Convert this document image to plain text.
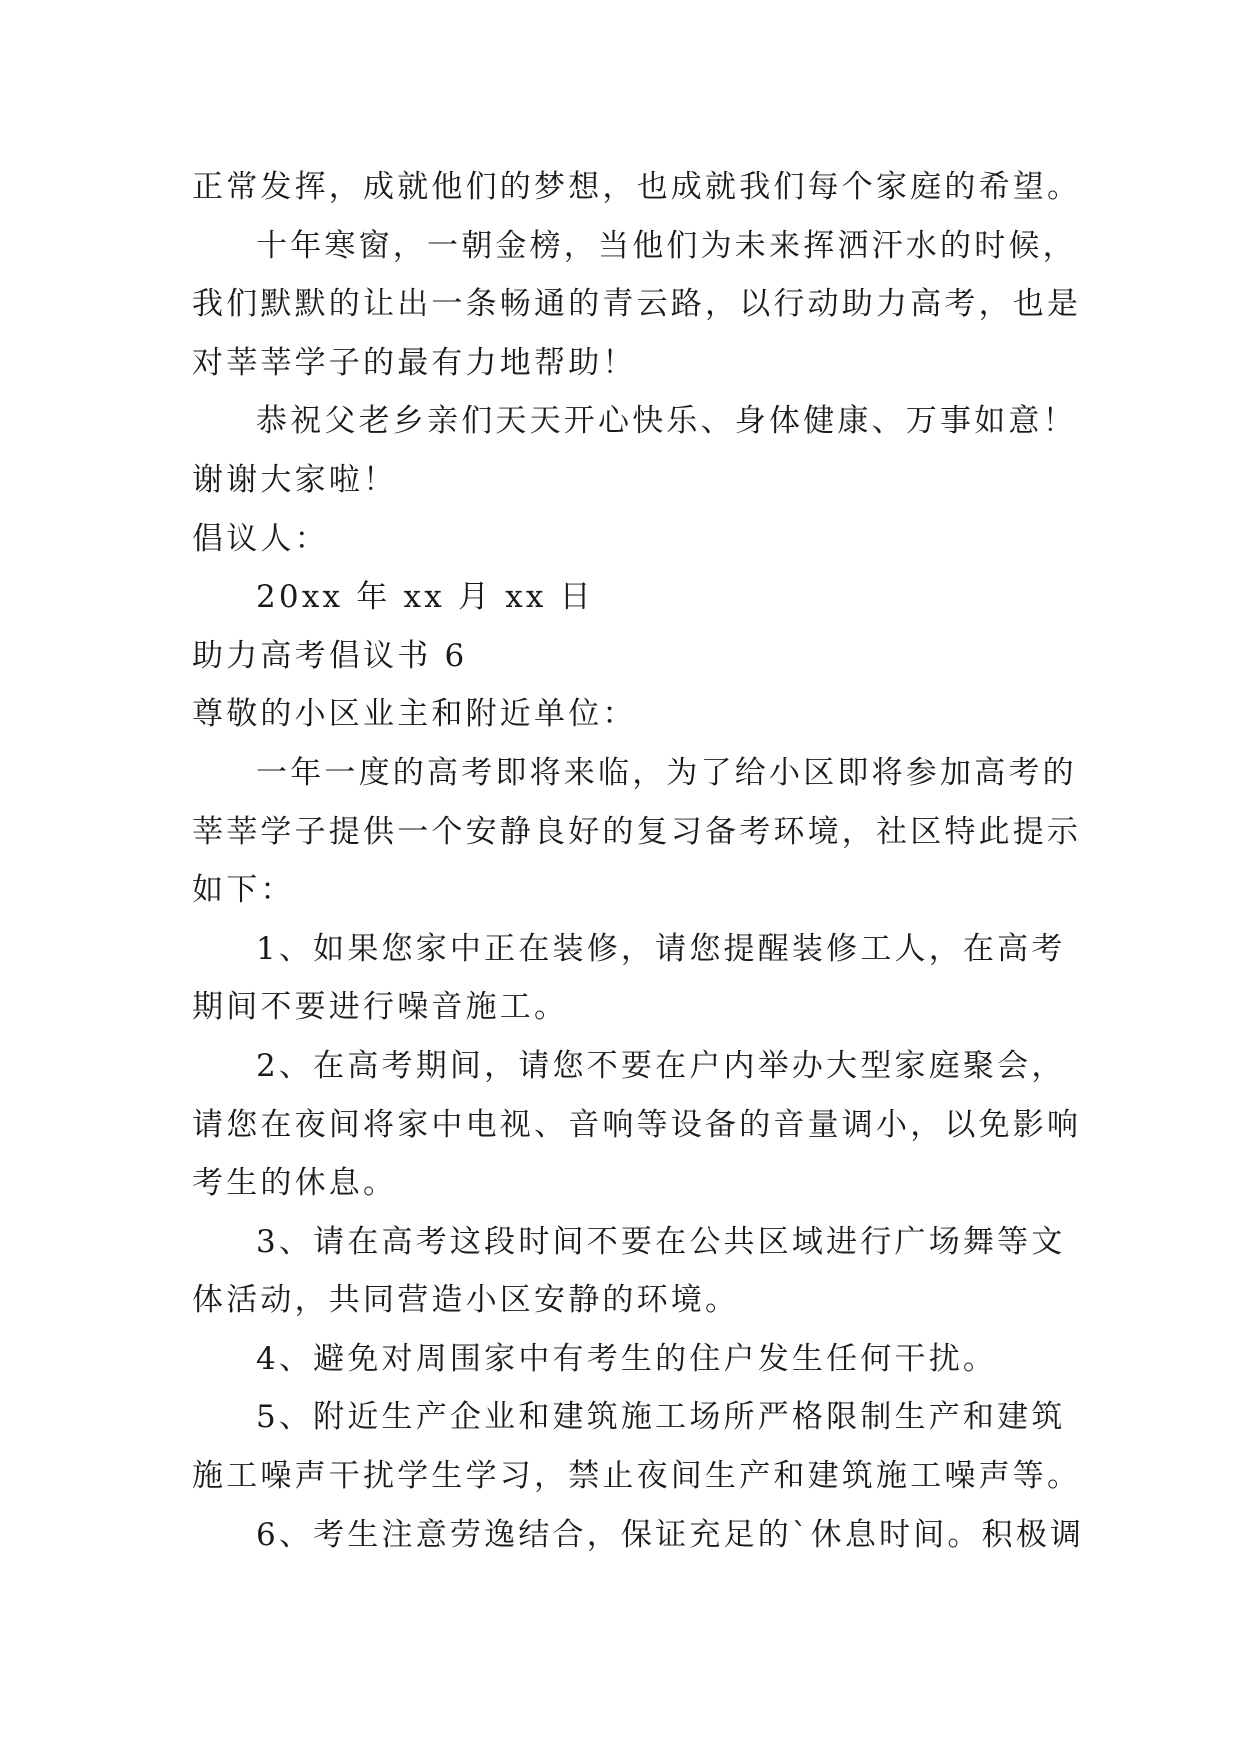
正常发挥，成就他们的梦想，也成就我们每个家庭的希望。
十年寒窗，一朝金榜，当他们为未来挥洒汗水的时候，
我们默默的让出一条畅通的青云路，以行动助力高考，也是
对莘莘学子的最有力地帮助！
恭祝父老乡亲们天天开心快乐、身体健康、万事如意！
谢谢大家啦！
倡议人：
20xx 年 xx 月 xx 日
助力高考倡议书 6
尊敬的小区业主和附近单位：
一年一度的高考即将来临，为了给小区即将参加高考的
莘莘学子提供一个安静良好的复习备考环境，社区特此提示
如下：
1、如果您家中正在装修，请您提醒装修工人，在高考
期间不要进行噪音施工。
2、在高考期间，请您不要在户内举办大型家庭聚会，
请您在夜间将家中电视、音响等设备的音量调小，以免影响
考生的休息。
3、请在高考这段时间不要在公共区域进行广场舞等文
体活动，共同营造小区安静的环境。
4、避免对周围家中有考生的住户发生任何干扰。
5、附近生产企业和建筑施工场所严格限制生产和建筑
施工噪声干扰学生学习，禁止夜间生产和建筑施工噪声等。
6、考生注意劳逸结合，保证充足的`休息时间。积极调
